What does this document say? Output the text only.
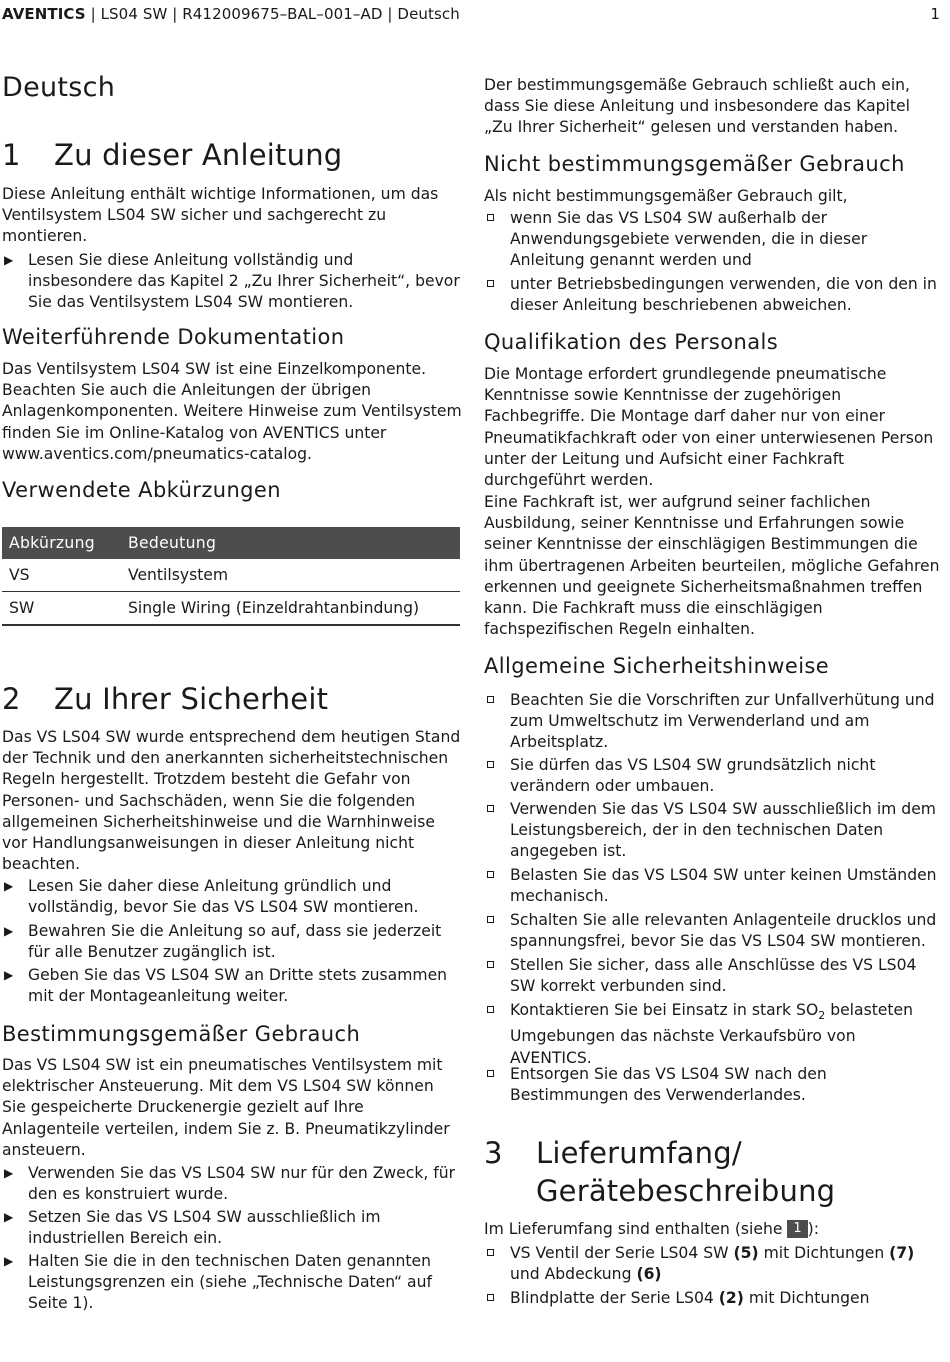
AVENTICS | LS04 SW | R412009675–BAL–001–AD | Deutsch	1
Deutsch
1 Zu dieser Anleitung

Diese Anleitung enthält wichtige Informationen, um das Ventilsystem LS04 SW sicher und sachgerecht zu montieren.

▶ Lesen Sie diese Anleitung vollständig und insbesondere das Kapitel 2 „Zu Ihrer Sicherheit“, bevor Sie das Ventilsystem LS04 SW montieren.
Weiterführende Dokumentation

Das Ventilsystem LS04 SW ist eine Einzelkomponente. Beachten Sie auch die Anleitungen der übrigen Anlagenkomponenten. Weitere Hinweise zum Ventilsystem finden Sie im Online-Katalog von AVENTICS unter www.aventics.com/pneumatics-catalog.

Verwendete Abkürzungen
Abkürzung	Bedeutung
VS	Ventilsystem
SW	Single Wiring (Einzeldrahtanbindung)
2 Zu Ihrer Sicherheit

Das VS LS04 SW wurde entsprechend dem heutigen Stand der Technik und den anerkannten sicherheitstechnischen Regeln hergestellt. Trotzdem besteht die Gefahr von Personen- und Sachschäden, wenn Sie die folgenden allgemeinen Sicherheitshinweise und die Warnhinweise vor Handlungsanweisungen in dieser Anleitung nicht beachten.

▶ Lesen Sie daher diese Anleitung gründlich und vollständig, bevor Sie das VS LS04 SW montieren.
▶ Bewahren Sie die Anleitung so auf, dass sie jederzeit für alle Benutzer zugänglich ist.
▶ Geben Sie das VS LS04 SW an Dritte stets zusammen mit der Montageanleitung weiter.
Bestimmungsgemäßer Gebrauch

Das VS LS04 SW ist ein pneumatisches Ventilsystem mit elektrischer Ansteuerung. Mit dem VS LS04 SW können Sie gespeicherte Druckenergie gezielt auf Ihre Anlagenteile verteilen, indem Sie z. B. Pneumatikzylinder ansteuern.

▶ Verwenden Sie das VS LS04 SW nur für den Zweck, für den es konstruiert wurde.
▶ Setzen Sie das VS LS04 SW ausschließlich im industriellen Bereich ein.
▶ Halten Sie die in den technischen Daten genannten Leistungsgrenzen ein (siehe „Technische Daten“ auf Seite 1).

Der bestimmungsgemäße Gebrauch schließt auch ein, dass Sie diese Anleitung und insbesondere das Kapitel „Zu Ihrer Sicherheit“ gelesen und verstanden haben.

Nicht bestimmungsgemäßer Gebrauch

Als nicht bestimmungsgemäßer Gebrauch gilt,

wenn Sie das VS LS04 SW außerhalb der Anwendungsgebiete verwenden, die in dieser Anleitung genannt werden und
unter Betriebsbedingungen verwenden, die von den in dieser Anleitung beschriebenen abweichen.
Qualifikation des Personals

Die Montage erfordert grundlegende pneumatische Kenntnisse sowie Kenntnisse der zugehörigen Fachbegriffe. Die Montage darf daher nur von einer Pneumatikfachkraft oder von einer unterwiesenen Person unter der Leitung und Aufsicht einer Fachkraft durchgeführt werden.

Eine Fachkraft ist, wer aufgrund seiner fachlichen Ausbildung, seiner Kenntnisse und Erfahrungen sowie seiner Kenntnisse der einschlägigen Bestimmungen die ihm übertragenen Arbeiten beurteilen, mögliche Gefahren erkennen und geeignete Sicherheitsmaßnahmen treffen kann. Die Fachkraft muss die einschlägigen fachspezifischen Regeln einhalten.

Allgemeine Sicherheitshinweise
Beachten Sie die Vorschriften zur Unfallverhütung und zum Umweltschutz im Verwenderland und am Arbeitsplatz.
Sie dürfen das VS LS04 SW grundsätzlich nicht verändern oder umbauen.
Verwenden Sie das VS LS04 SW ausschließlich im dem Leistungsbereich, der in den technischen Daten angegeben ist.
Belasten Sie das VS LS04 SW unter keinen Umständen mechanisch.
Schalten Sie alle relevanten Anlagenteile drucklos und spannungsfrei, bevor Sie das VS LS04 SW montieren.
Stellen Sie sicher, dass alle Anschlüsse des VS LS04 SW korrekt verbunden sind.
Kontaktieren Sie bei Einsatz in stark $SO_2$ belasteten Umgebungen das nächste Verkaufsbüro von AVENTICS.
Entsorgen Sie das VS LS04 SW nach den Bestimmungen des Verwenderlandes.
3 Lieferumfang/
Gerätebeschreibung

Im Lieferumfang sind enthalten (siehe 1 ):

VS Ventil der Serie LS04 SW (5) mit Dichtungen (7) und Abdeckung (6)
Blindplatte der Serie LS04 (2) mit Dichtungen
